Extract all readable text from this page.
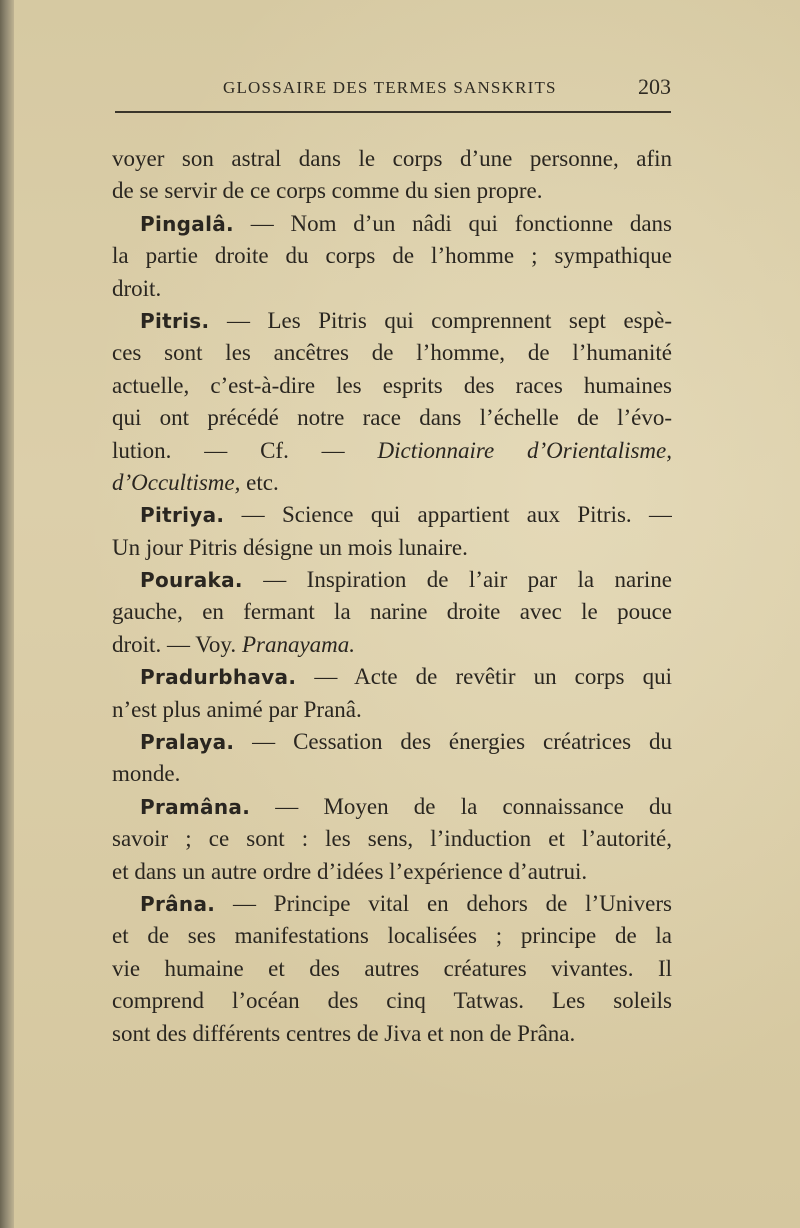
GLOSSAIRE DES TERMES SANSKRITS	203
voyer son astral dans le corps d’une personne, afin
de se servir de ce corps comme du sien propre.
Pingalâ. — Nom d’un nâdi qui fonctionne dans
la partie droite du corps de l’homme ; sympathique
droit.
Pitris. — Les Pitris qui comprennent sept espè-
ces sont les ancêtres de l’homme, de l’humanité
actuelle, c’est-à-dire les esprits des races humaines
qui ont précédé notre race dans l’échelle de l’évo-
lution. — Cf. — Dictionnaire d’Orientalisme,
d’Occultisme, etc.
Pitriya. — Science qui appartient aux Pitris. —
Un jour Pitris désigne un mois lunaire.
Pouraka. — Inspiration de l’air par la narine
gauche, en fermant la narine droite avec le pouce
droit. — Voy. Pranayama.
Pradurbhava. — Acte de revêtir un corps qui
n’est plus animé par Pranâ.
Pralaya. — Cessation des énergies créatrices du
monde.
Pramâna. — Moyen de la connaissance du
savoir ; ce sont : les sens, l’induction et l’autorité,
et dans un autre ordre d’idées l’expérience d’autrui.
Prâna. — Principe vital en dehors de l’Univers
et de ses manifestations localisées ; principe de la
vie humaine et des autres créatures vivantes. Il
comprend l’océan des cinq Tatwas. Les soleils
sont des différents centres de Jiva et non de Prâna.
